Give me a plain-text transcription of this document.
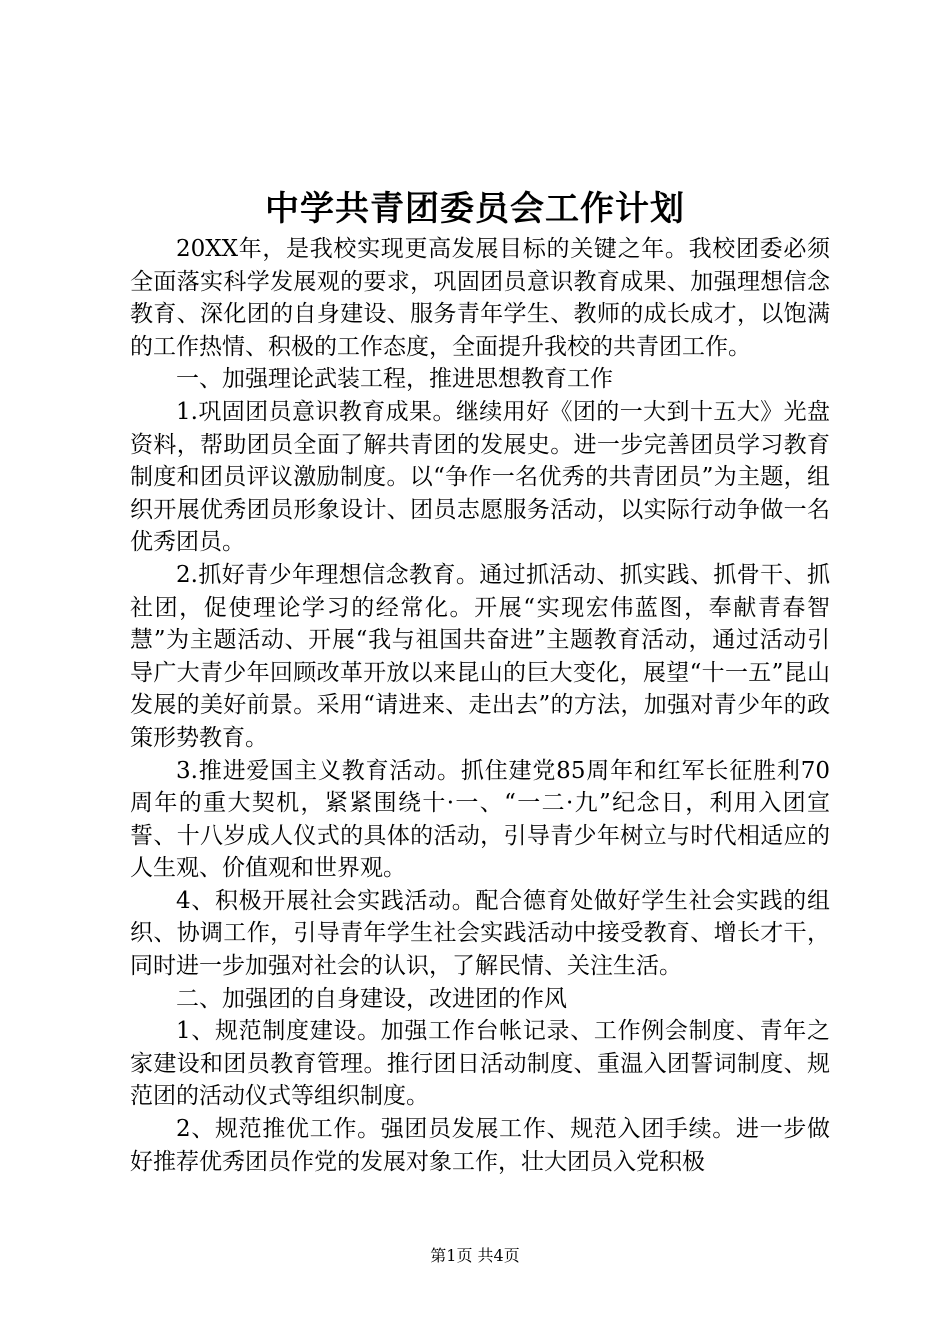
中学共青团委员会工作计划

20XX年，是我校实现更高发展目标的关键之年。我校团委必须全面落实科学发展观的要求，巩固团员意识教育成果、加强理想信念教育、深化团的自身建设、服务青年学生、教师的成长成才，以饱满的工作热情、积极的工作态度，全面提升我校的共青团工作。

一、加强理论武装工程，推进思想教育工作

1.巩固团员意识教育成果。继续用好《团的一大到十五大》光盘资料，帮助团员全面了解共青团的发展史。进一步完善团员学习教育制度和团员评议激励制度。以“争作一名优秀的共青团员”为主题，组织开展优秀团员形象设计、团员志愿服务活动，以实际行动争做一名优秀团员。

2.抓好青少年理想信念教育。通过抓活动、抓实践、抓骨干、抓社团，促使理论学习的经常化。开展“实现宏伟蓝图，奉献青春智慧”为主题活动、开展“我与祖国共奋进”主题教育活动，通过活动引导广大青少年回顾改革开放以来昆山的巨大变化，展望“十一五”昆山发展的美好前景。采用“请进来、走出去”的方法，加强对青少年的政策形势教育。

3.推进爱国主义教育活动。抓住建党85周年和红军长征胜利70周年的重大契机，紧紧围绕十·一、“一二·九”纪念日，利用入团宣誓、十八岁成人仪式的具体的活动，引导青少年树立与时代相适应的人生观、价值观和世界观。

4、积极开展社会实践活动。配合德育处做好学生社会实践的组织、协调工作，引导青年学生社会实践活动中接受教育、增长才干，同时进一步加强对社会的认识，了解民情、关注生活。

二、加强团的自身建设，改进团的作风

1、规范制度建设。加强工作台帐记录、工作例会制度、青年之家建设和团员教育管理。推行团日活动制度、重温入团誓词制度、规范团的活动仪式等组织制度。

2、规范推优工作。强团员发展工作、规范入团手续。进一步做好推荐优秀团员作党的发展对象工作，壮大团员入党积极

第1页 共4页
